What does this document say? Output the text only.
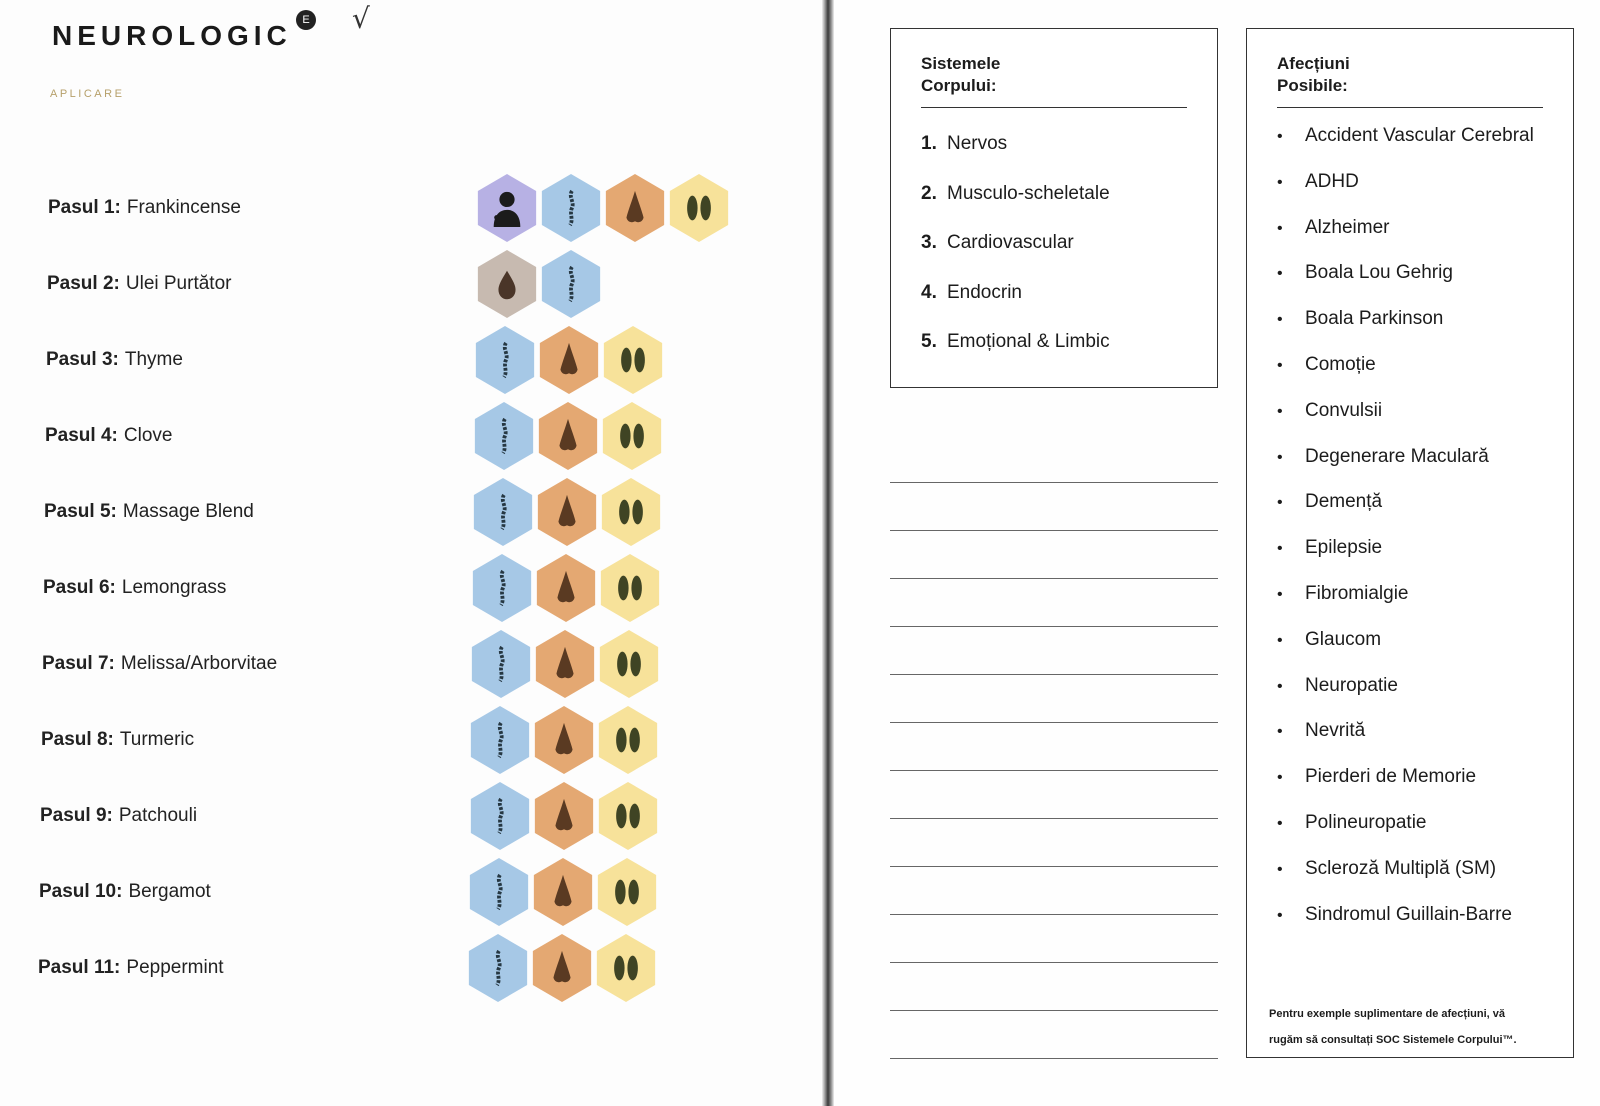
NEUROLOGIC E √
APLICARE
Pasul 1: Frankincense
Pasul 2: Ulei Purtător
Pasul 3: Thyme
Pasul 4: Clove
Pasul 5: Massage Blend
Pasul 6: Lemongrass
Pasul 7: Melissa/Arborvitae
Pasul 8: Turmeric
Pasul 9: Patchouli
Pasul 10: Bergamot
Pasul 11: Peppermint
Sistemele
Corpului:
1. Nervos
2. Musculo-scheletale
3. Cardiovascular
4. Endocrin
5. Emoțional & Limbic
Afecțiuni
Posibile:
• Accident Vascular Cerebral
• ADHD
• Alzheimer
• Boala Lou Gehrig
• Boala Parkinson
• Comoție
• Convulsii
• Degenerare Maculară
• Demență
• Epilepsie
• Fibromialgie
• Glaucom
• Neuropatie
• Nevrită
• Pierderi de Memorie
• Polineuropatie
• Scleroză Multiplă (SM)
• Sindromul Guillain-Barre
Pentru exemple suplimentare de afecțiuni, vă
rugăm să consultați SOC Sistemele Corpului™.
